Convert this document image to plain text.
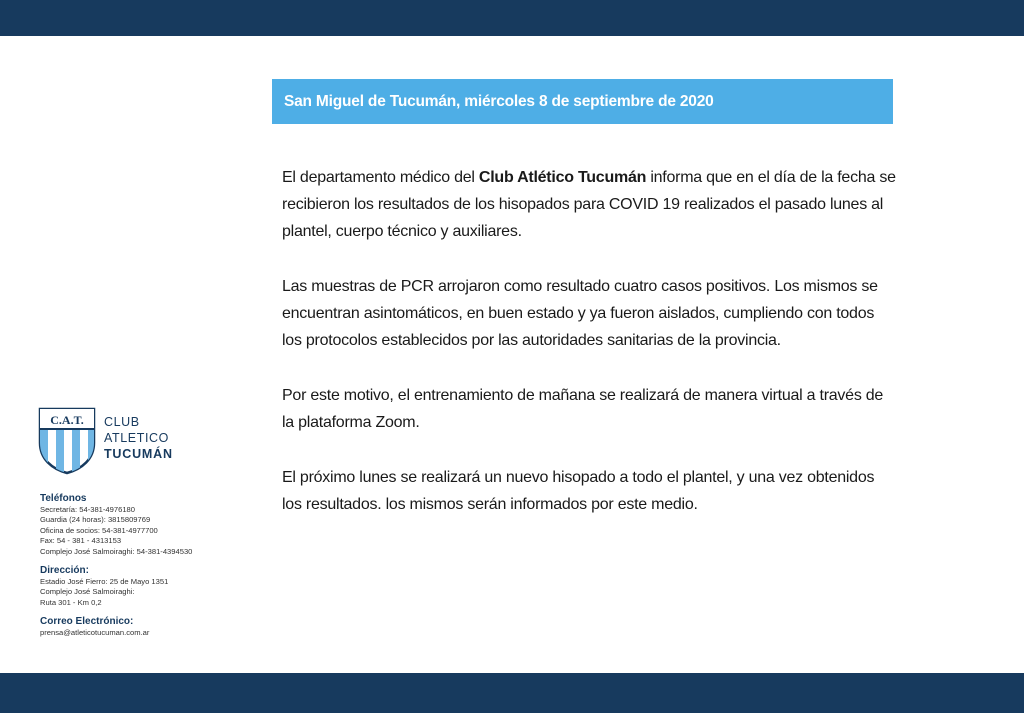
San Miguel de Tucumán, miércoles 8 de septiembre de 2020

El departamento médico del Club Atlético Tucumán informa que en el día de la fecha se recibieron los resultados de los hisopados para COVID 19 realizados el pasado lunes al plantel, cuerpo técnico y auxiliares.

Las muestras de PCR arrojaron como resultado cuatro casos positivos. Los mismos se encuentran asintomáticos, en buen estado y ya fueron aislados, cumpliendo con todos los protocolos establecidos por las autoridades sanitarias de la provincia.

Por este motivo, el entrenamiento de mañana se realizará de manera virtual a través de la plataforma Zoom.

El próximo lunes se realizará un nuevo hisopado a todo el plantel, y una vez obtenidos los resultados. los mismos serán informados por este medio.

C.A.T. CLUB
ATLETICO
TUCUMÁN
Teléfonos
Secretaría: 54-381-4976180
Guardia (24 horas): 3815809769
Oficina de socios: 54-381-4977700
Fax: 54 - 381 - 4313153
Complejo José Salmoiraghi: 54-381-4394530
Dirección:
Estadio José Fierro: 25 de Mayo 1351
Complejo José Salmoiraghi:
Ruta 301 - Km 0,2
Correo Electrónico:
prensa@atleticotucuman.com.ar
